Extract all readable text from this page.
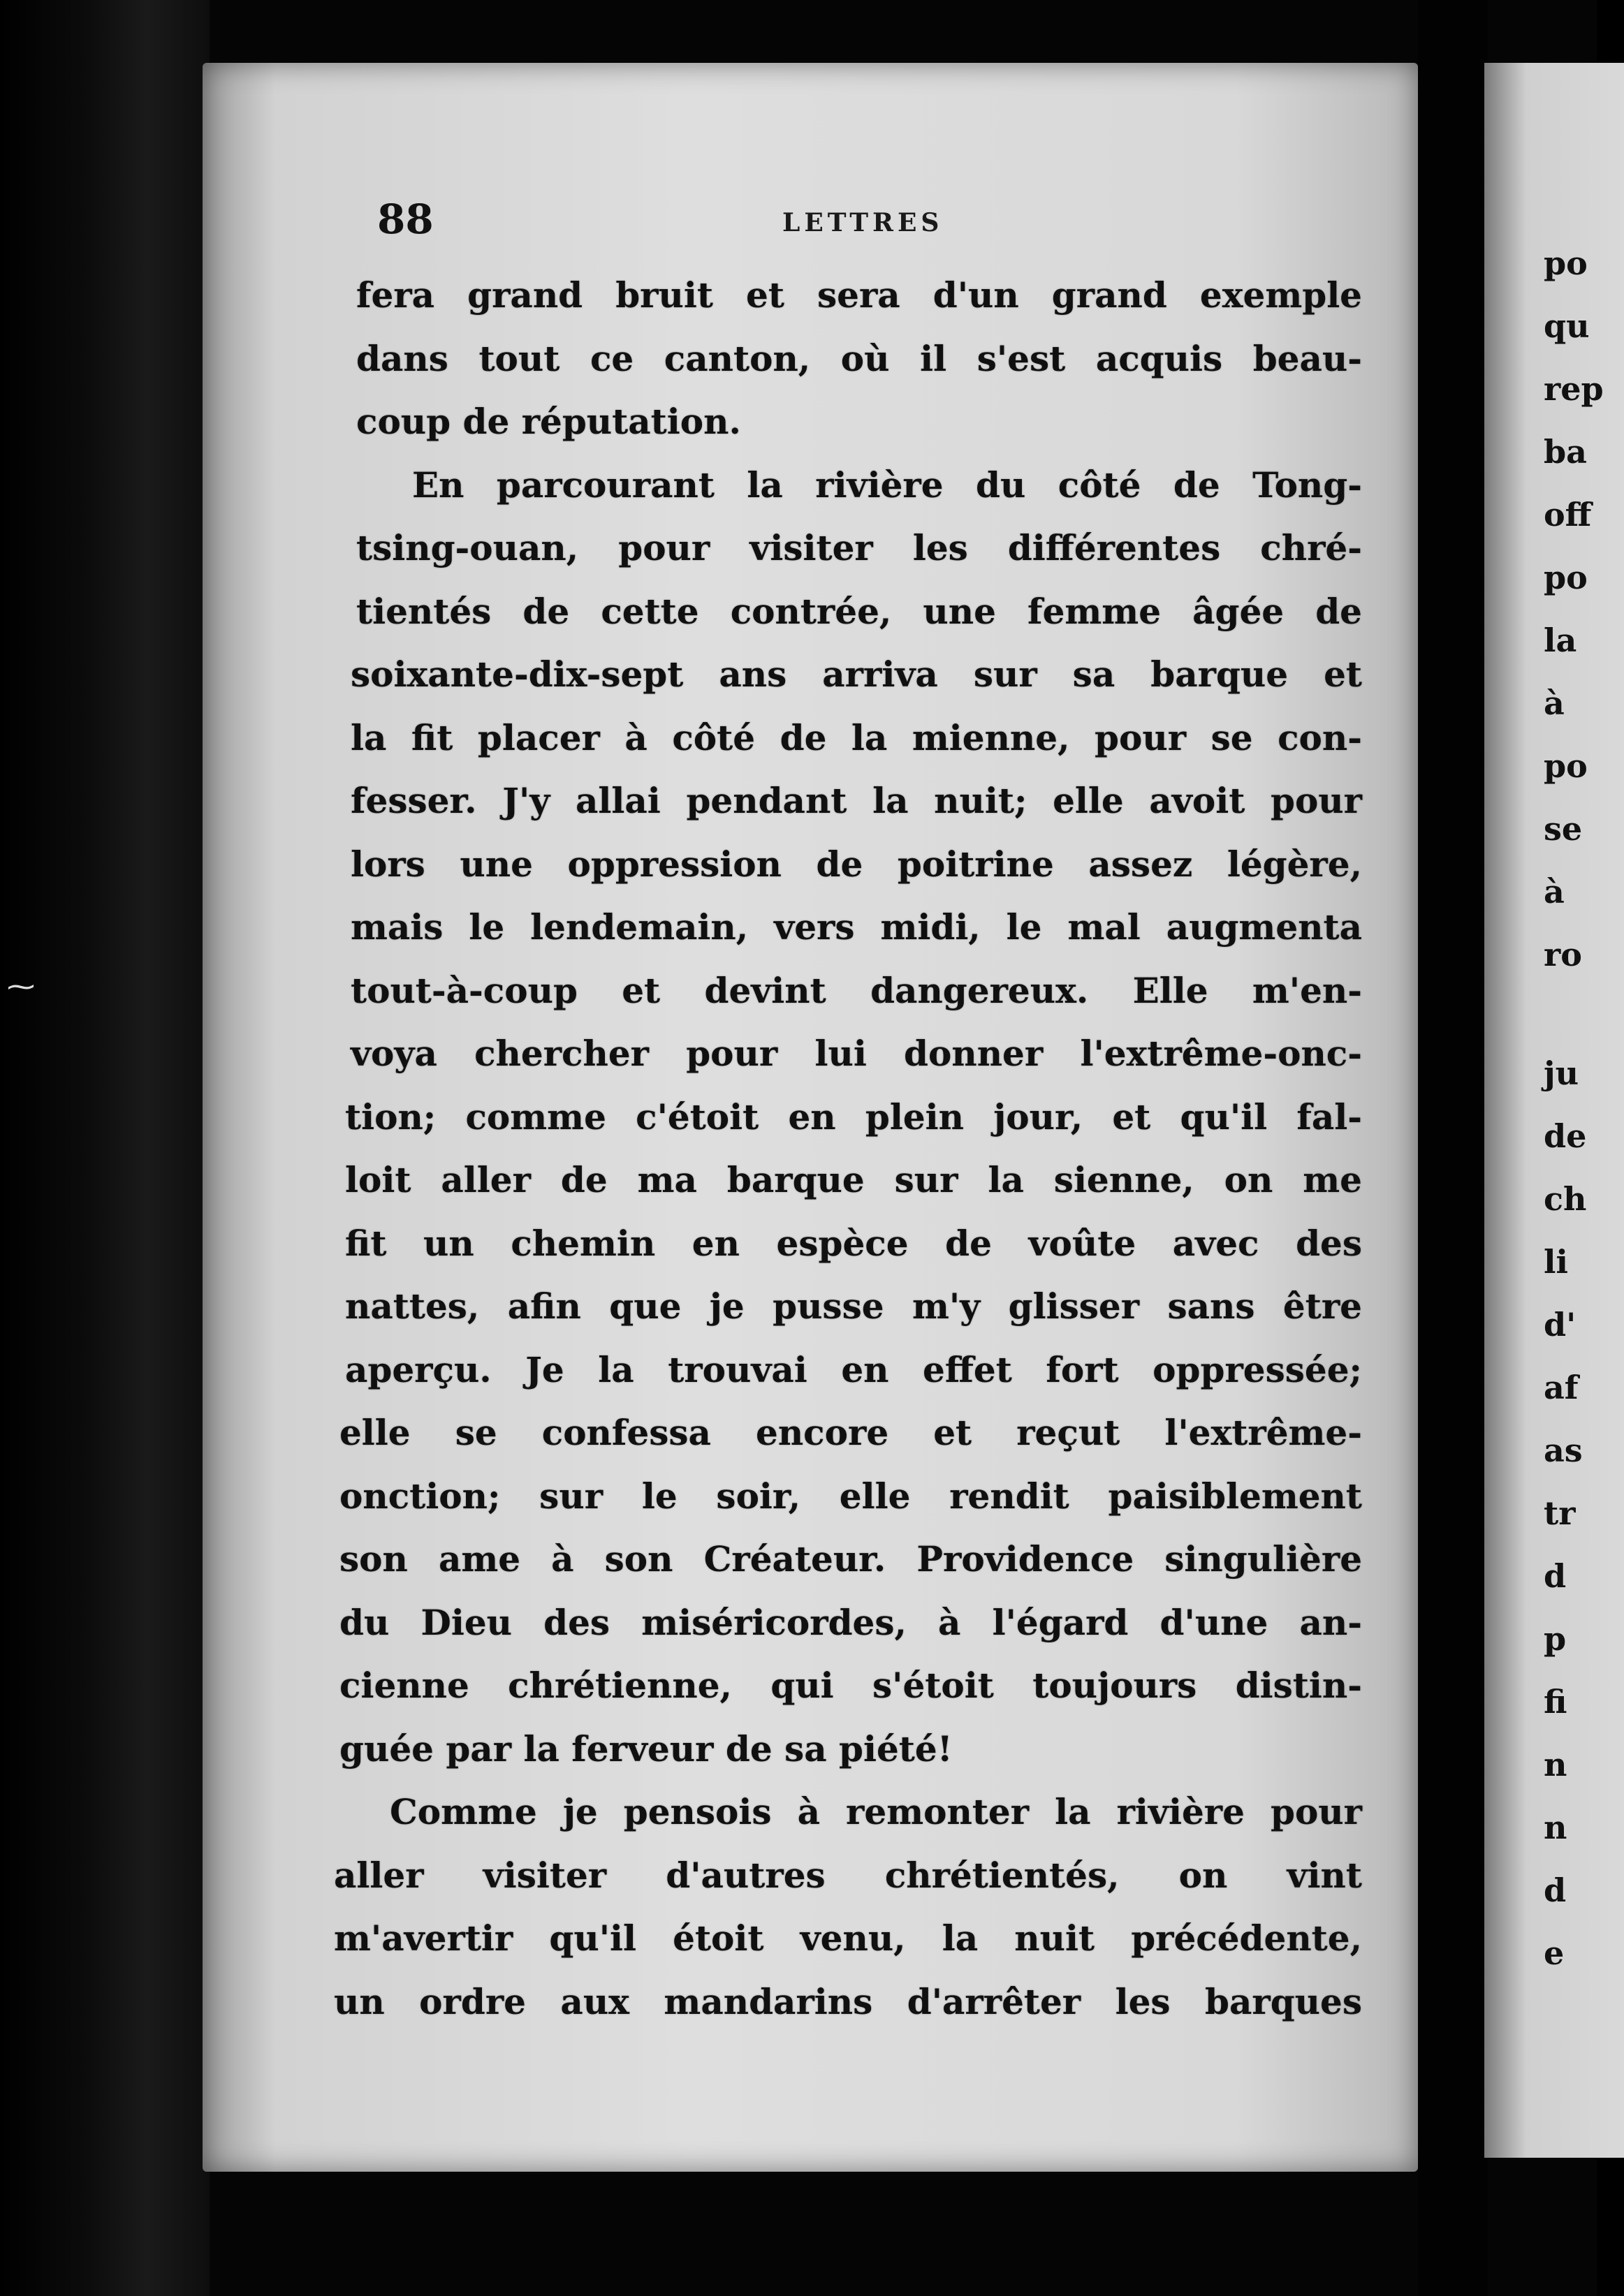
88	LETTRES
fera grand bruit et sera d'un grand exemple
dans tout ce canton, où il s'est acquis beau-
coup de réputation.
En parcourant la rivière du côté de Tong-
tsing-ouan, pour visiter les différentes chré-
tientés de cette contrée, une femme âgée de
soixante-dix-sept ans arriva sur sa barque et
la fit placer à côté de la mienne, pour se con-
fesser. J'y allai pendant la nuit; elle avoit pour
lors une oppression de poitrine assez légère,
mais le lendemain, vers midi, le mal augmenta
tout-à-coup et devint dangereux. Elle m'en-
voya chercher pour lui donner l'extrême-onc-
tion; comme c'étoit en plein jour, et qu'il fal-
loit aller de ma barque sur la sienne, on me
fit un chemin en espèce de voûte avec des
nattes, afin que je pusse m'y glisser sans être
aperçu. Je la trouvai en effet fort oppressée;
elle se confessa encore et reçut l'extrême-
onction; sur le soir, elle rendit paisiblement
son ame à son Créateur. Providence singulière
du Dieu des miséricordes, à l'égard d'une an-
cienne chrétienne, qui s'étoit toujours distin-
guée par la ferveur de sa piété!
Comme je pensois à remonter la rivière pour
aller visiter d'autres chrétientés, on vint
m'avertir qu'il étoit venu, la nuit précédente,
un ordre aux mandarins d'arrêter les barques
po
qu
rep
ba
off
po
la
à
po
se
à
ro
ju
de
ch
li
d'
af
as
tr
d
p
fi
n
n
d
e
⁓
